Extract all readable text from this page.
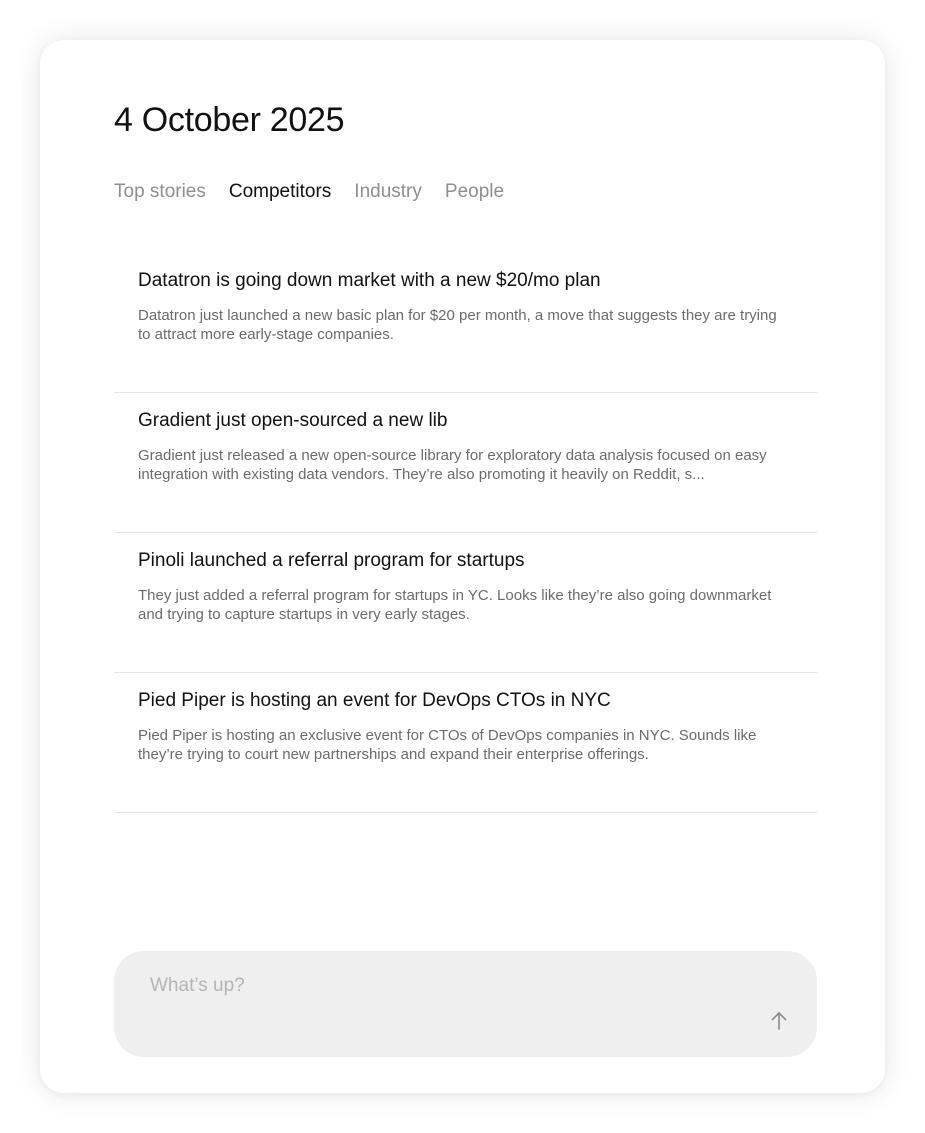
4 October 2025
Top stories Competitors Industry People
Datatron is going down market with a new $20/mo plan
Datatron just launched a new basic plan for $20 per month, a move that suggests they are trying to attract more early-stage companies.
Gradient just open-sourced a new lib
Gradient just released a new open-source library for exploratory data analysis focused on easy integration with existing data vendors. They’re also promoting it heavily on Reddit, s...
Pinoli launched a referral program for startups
They just added a referral program for startups in YC. Looks like they’re also going downmarket and trying to capture startups in very early stages.
Pied Piper is hosting an event for DevOps CTOs in NYC
Pied Piper is hosting an exclusive event for CTOs of DevOps companies in NYC. Sounds like they’re trying to court new partnerships and expand their enterprise offerings.
What’s up?
